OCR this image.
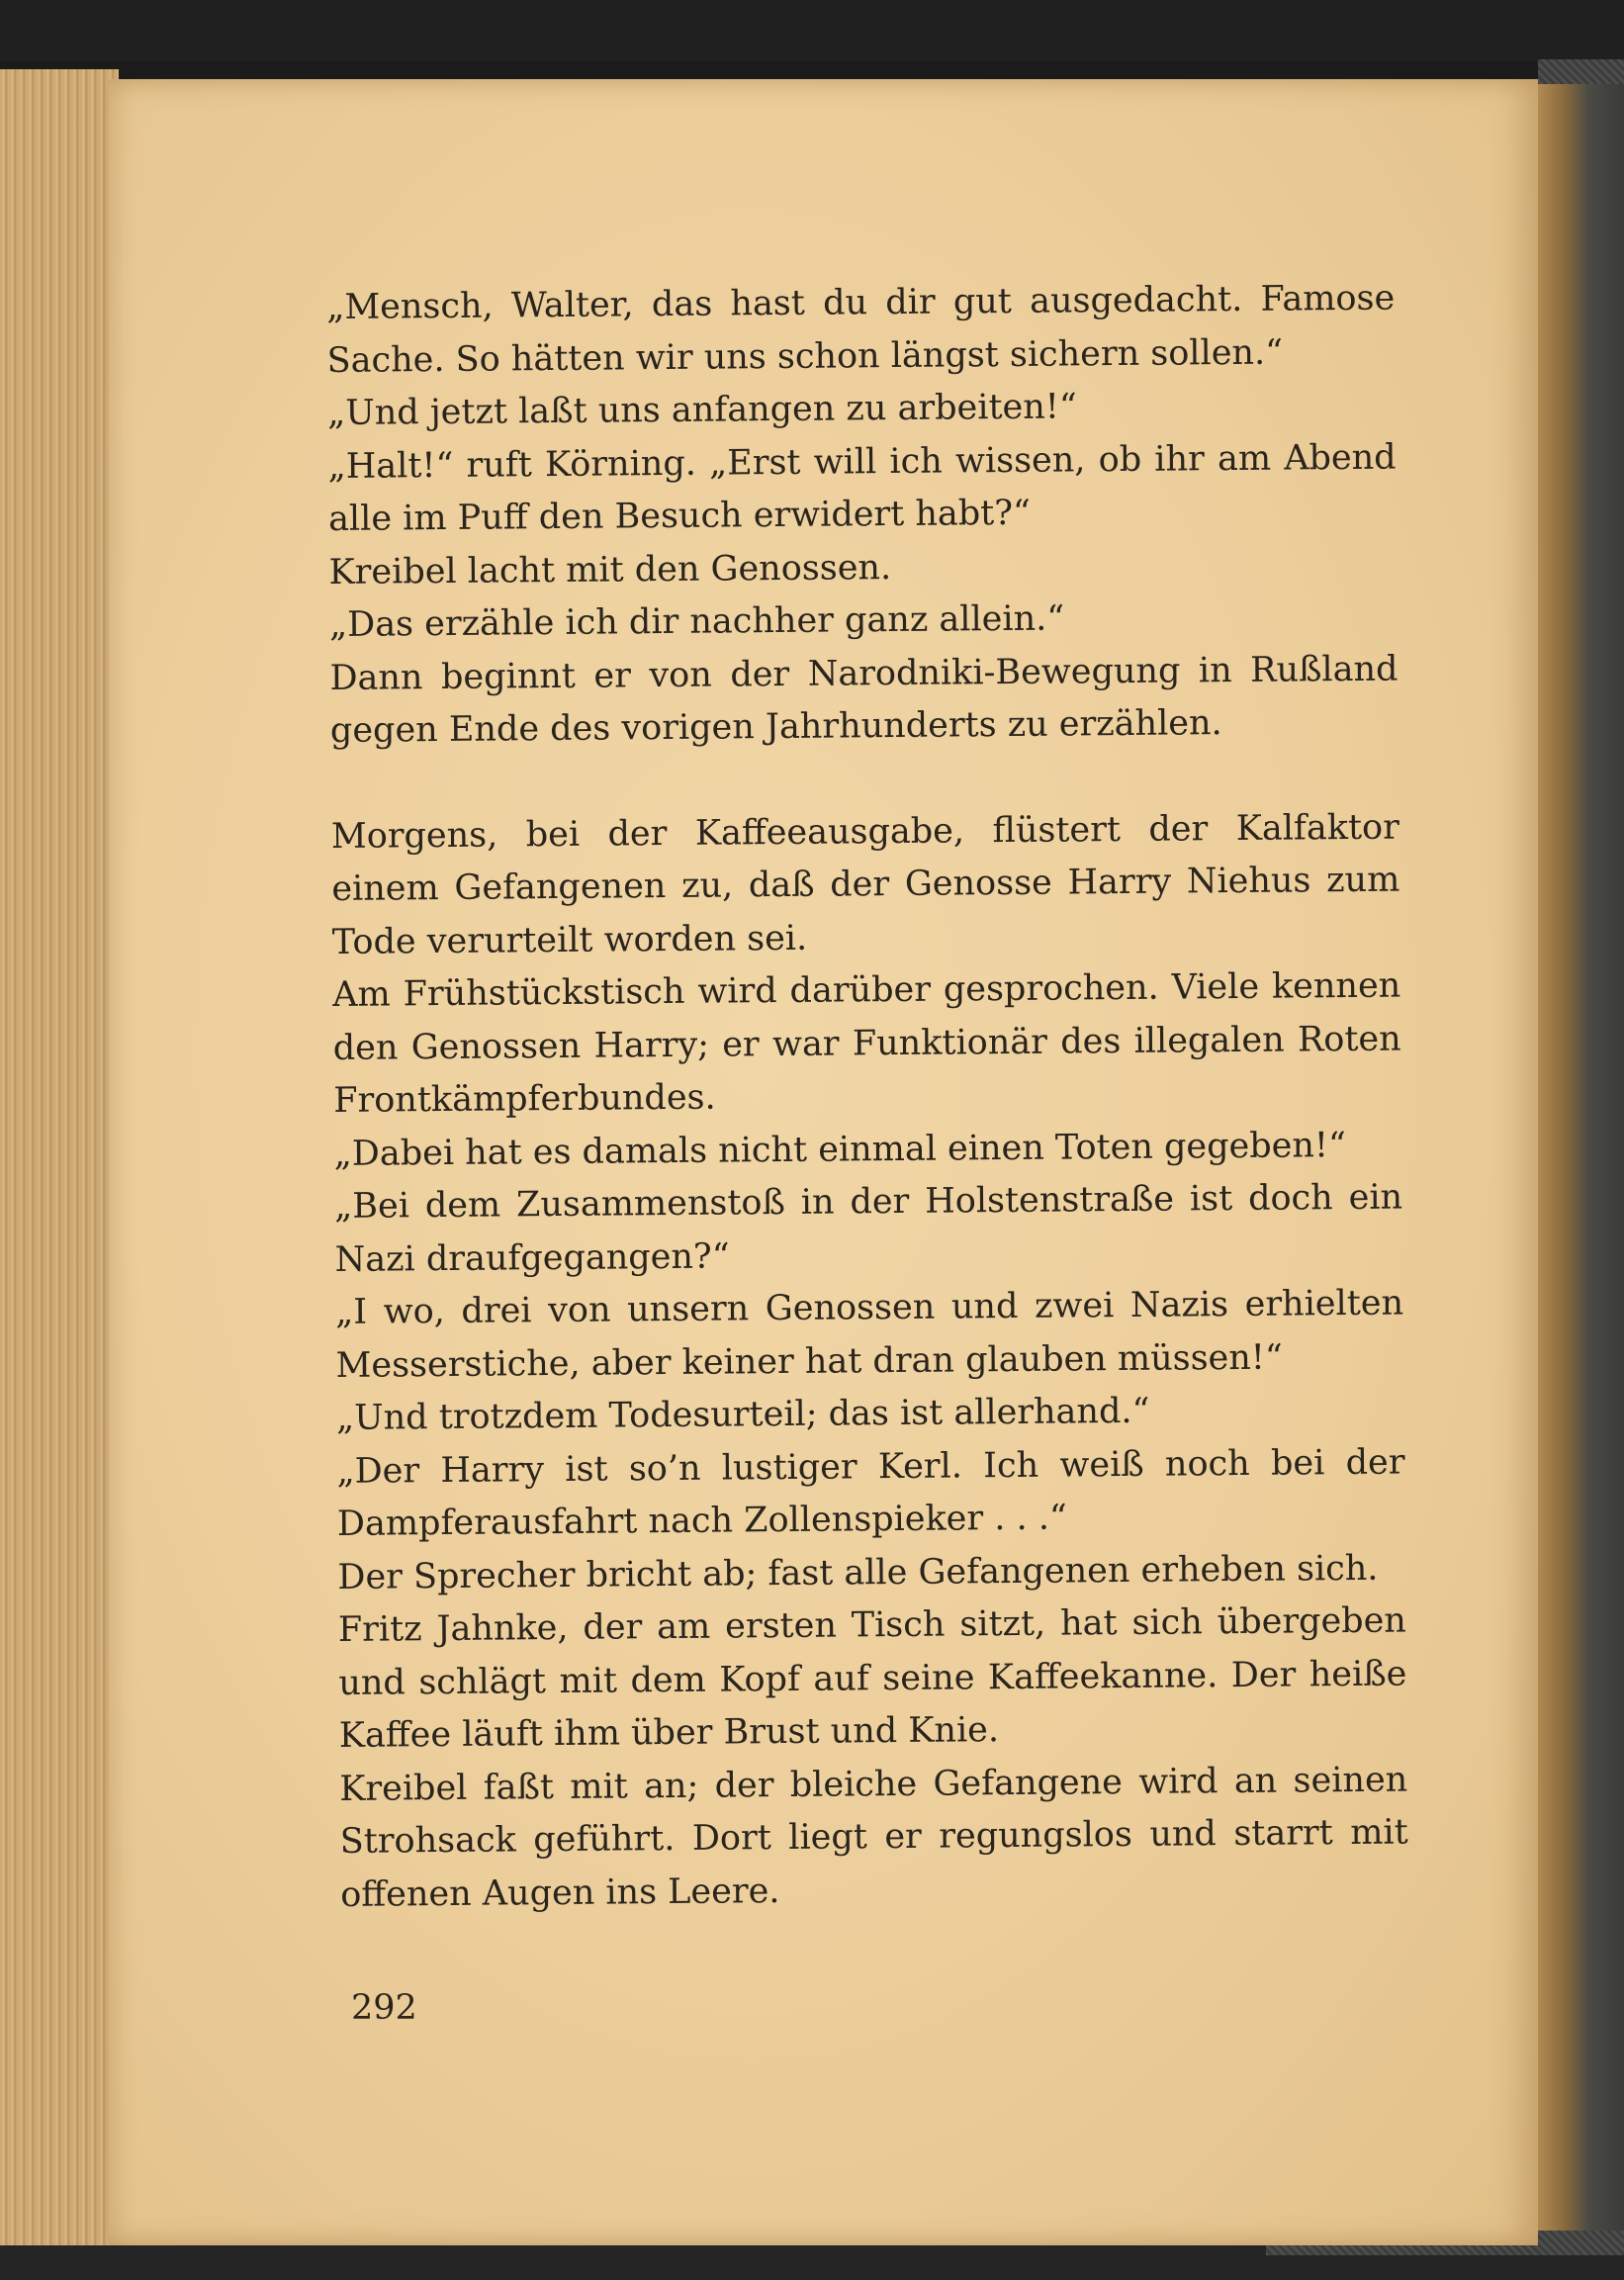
„Mensch, Walter, das hast du dir gut ausgedacht. Famose Sache. So hätten wir uns schon längst sichern sollen.“

„Und jetzt laßt uns anfangen zu arbeiten!“

„Halt!“ ruft Körning. „Erst will ich wissen, ob ihr am Abend alle im Puff den Besuch erwidert habt?“

Kreibel lacht mit den Genossen.

„Das erzähle ich dir nachher ganz allein.“

Dann beginnt er von der Narodniki-Bewegung in Rußland gegen Ende des vorigen Jahrhunderts zu erzählen.

Morgens, bei der Kaffeeausgabe, flüstert der Kalfaktor einem Gefangenen zu, daß der Genosse Harry Niehus zum Tode verurteilt worden sei.

Am Frühstückstisch wird darüber gesprochen. Viele kennen den Genossen Harry; er war Funktionär des illegalen Roten Frontkämpferbundes.

„Dabei hat es damals nicht einmal einen Toten gegeben!“

„Bei dem Zusammenstoß in der Holstenstraße ist doch ein Nazi draufgegangen?“

„I wo, drei von unsern Genossen und zwei Nazis erhielten Messerstiche, aber keiner hat dran glauben müssen!“

„Und trotzdem Todesurteil; das ist allerhand.“

„Der Harry ist so’n lustiger Kerl. Ich weiß noch bei der Dampferausfahrt nach Zollenspieker . . .“

Der Sprecher bricht ab; fast alle Gefangenen erheben sich.

Fritz Jahnke, der am ersten Tisch sitzt, hat sich übergeben und schlägt mit dem Kopf auf seine Kaffeekanne. Der heiße Kaffee läuft ihm über Brust und Knie.

Kreibel faßt mit an; der bleiche Gefangene wird an seinen Strohsack geführt. Dort liegt er regungslos und starrt mit offenen Augen ins Leere.

292
